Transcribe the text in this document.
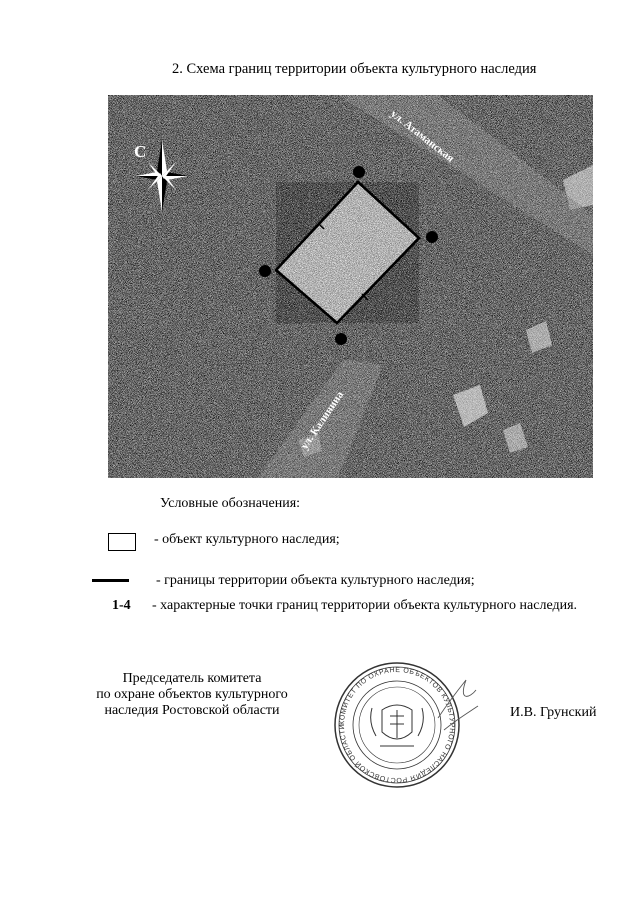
2. Схема границ территории объекта культурного наследия
ул. Атаманская
ул. Калинина
С
Условные обозначения:
- объект культурного наследия;
- границы территории объекта культурного наследия;
1-4 - характерные точки границ территории объекта культурного наследия.
Председатель комитета
по охране объектов культурного
наследия Ростовской области
КОМИТЕТ ПО ОХРАНЕ ОБЪЕКТОВ КУЛЬТУРНОГО НАСЛЕДИЯ РОСТОВСКОЙ ОБЛАСТИ
И.В. Грунский
